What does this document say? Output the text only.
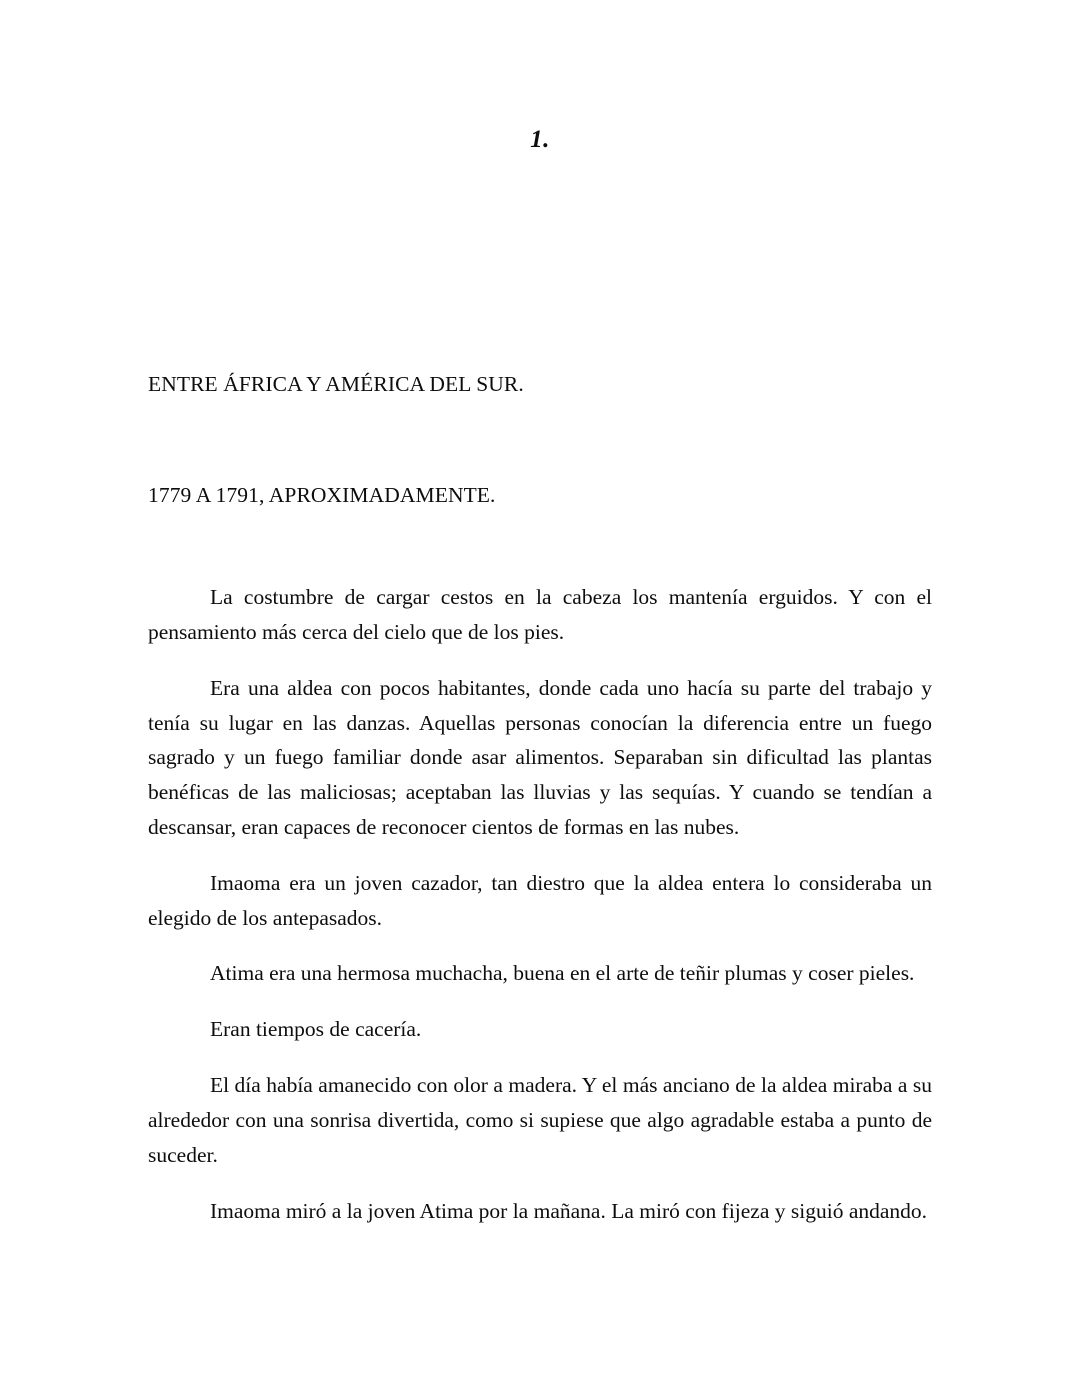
1.
ENTRE ÁFRICA Y AMÉRICA DEL SUR.
1779 A 1791, APROXIMADAMENTE.

La costumbre de cargar cestos en la cabeza los mantenía erguidos. Y con el pensamiento más cerca del cielo que de los pies.

Era una aldea con pocos habitantes, donde cada uno hacía su parte del trabajo y tenía su lugar en las danzas. Aquellas personas conocían la diferencia entre un fuego sagrado y un fuego familiar donde asar alimentos. Separaban sin dificultad las plantas benéficas de las maliciosas; aceptaban las lluvias y las sequías. Y cuando se tendían a descansar, eran capaces de reconocer cientos de formas en las nubes.

Imaoma era un joven cazador, tan diestro que la aldea entera lo consideraba un elegido de los antepasados.

Atima era una hermosa muchacha, buena en el arte de teñir plumas y coser pieles.

Eran tiempos de cacería.

El día había amanecido con olor a madera. Y el más anciano de la aldea miraba a su alrededor con una sonrisa divertida, como si supiese que algo agradable estaba a punto de suceder.

Imaoma miró a la joven Atima por la mañana. La miró con fijeza y siguió andando.
